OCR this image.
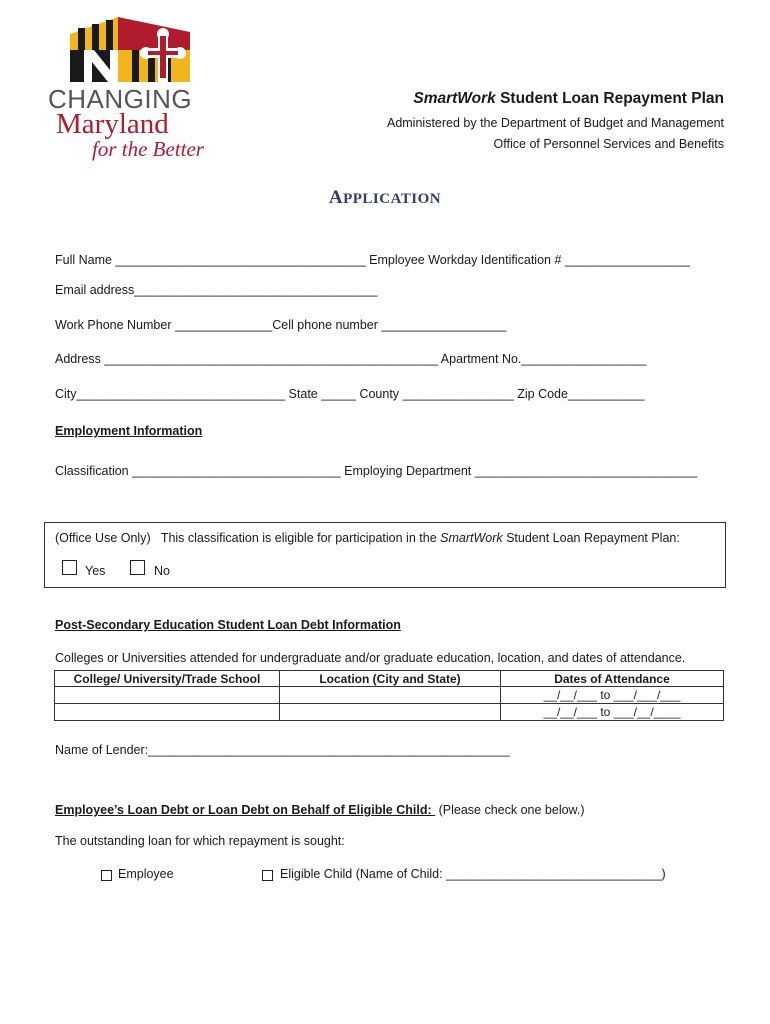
CHANGING
Maryland
for the Better
SmartWork Student Loan Repayment Plan
Administered by the Department of Budget and Management
Office of Personnel Services and Benefits
APPLICATION
Full Name ____________________________________ Employee Workday Identification # __________________
Email address___________________________________
Work Phone Number ______________Cell phone number __________________
Address ________________________________________________ Apartment No.__________________
City______________________________ State _____ County ________________ Zip Code___________
Employment Information
Classification ______________________________ Employing Department ________________________________
(Office Use Only)   This classification is eligible for participation in the SmartWork Student Loan Repayment Plan:
Yes	No
Post-Secondary Education Student Loan Debt Information
Colleges or Universities attended for undergraduate and/or graduate education, location, and dates of attendance.
College/ University/Trade School	Location (City and State)	Dates of Attendance
		__/__/___ to ___/___/___
		__/__/___ to ___/__/____
Name of Lender:____________________________________________________
Employee’s Loan Debt or Loan Debt on Behalf of Eligible Child:  (Please check one below.)
The outstanding loan for which repayment is sought:
Employee	Eligible Child (Name of Child: _______________________________)
